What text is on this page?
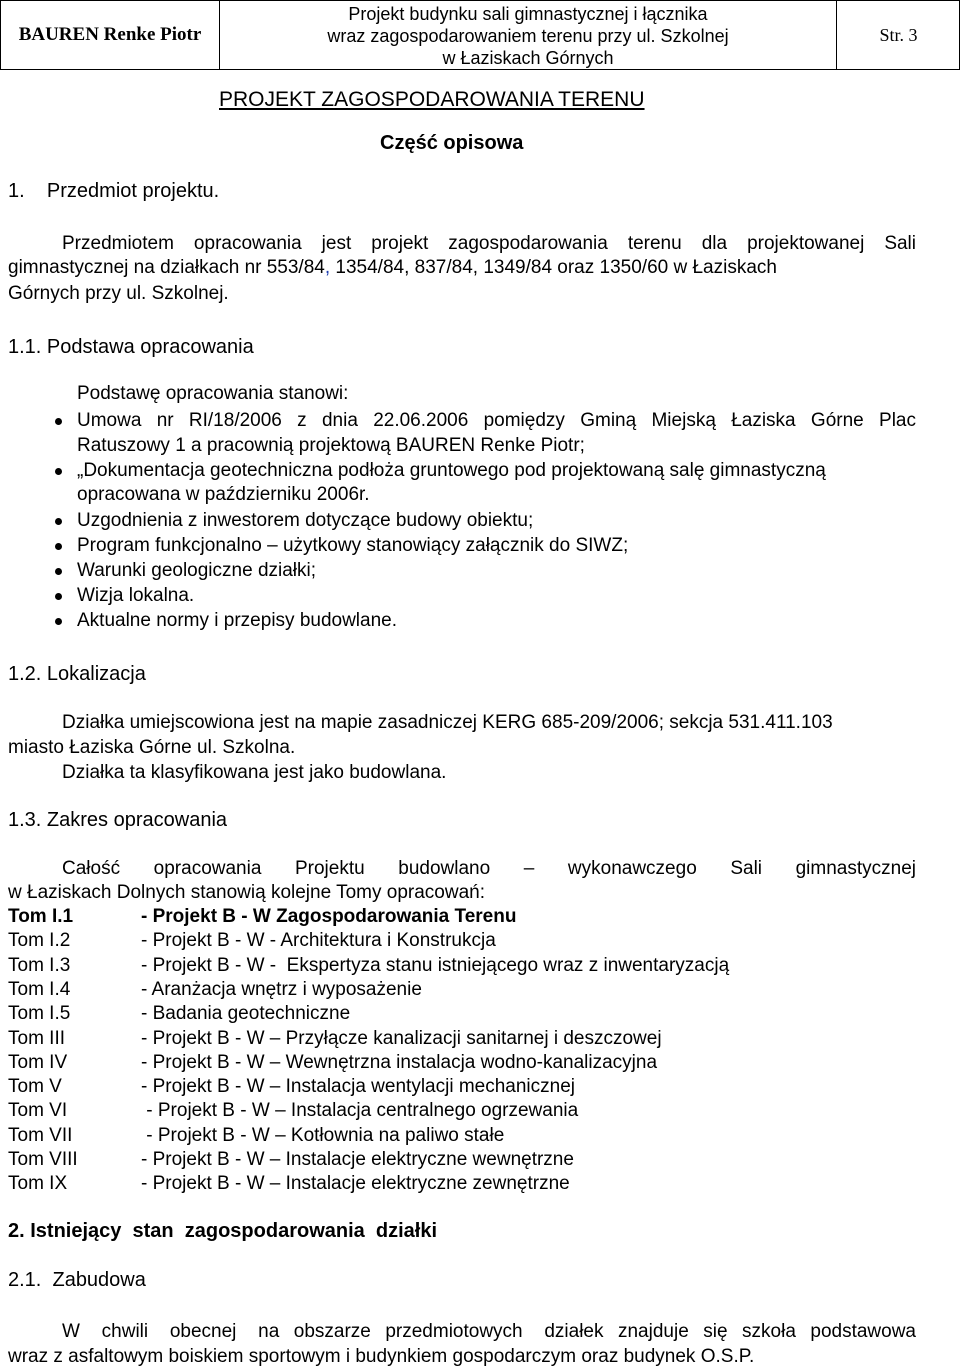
BAUREN Renke Piotr
Projekt budynku sali gimnastycznej i łącznika
wraz zagospodarowaniem terenu przy ul. Szkolnej
w Łaziskach Górnych
Str. 3
PROJEKT ZAGOSPODAROWANIA TERENU
Część opisowa
1.    Przedmiot projektu.
Przedmiotem opracowania jest projekt zagospodarowania terenu dla projektowanej Sali
gimnastycznej na działkach nr 553/84, 1354/84, 837/84, 1349/84 oraz 1350/60 w Łaziskach
Górnych przy ul. Szkolnej.
1.1. Podstawa opracowania
Podstawę opracowania stanowi:
Umowa nr RI/18/2006 z dnia 22.06.2006 pomiędzy Gminą Miejską Łaziska Górne Plac
Ratuszowy 1 a pracownią projektową BAUREN Renke Piotr;
„Dokumentacja geotechniczna podłoża gruntowego pod projektowaną salę gimnastyczną
opracowana w październiku 2006r.
Uzgodnienia z inwestorem dotyczące budowy obiektu;
Program funkcjonalno – użytkowy stanowiący załącznik do SIWZ;
Warunki geologiczne działki;
Wizja lokalna.
Aktualne normy i przepisy budowlane.
1.2. Lokalizacja
Działka umiejscowiona jest na mapie zasadniczej KERG 685-209/2006; sekcja 531.411.103
miasto Łaziska Górne ul. Szkolna.
Działka ta klasyfikowana jest jako budowlana.
1.3. Zakres opracowania
Całość   opracowania   Projektu   budowlano   –   wykonawczego   Sali   gimnastycznej
w Łaziskach Dolnych stanowią kolejne Tomy opracowań:
Tom I.1	- Projekt B - W Zagospodarowania Terenu
Tom I.2	- Projekt B - W - Architektura i Konstrukcja
Tom I.3	- Projekt B - W -  Ekspertyza stanu istniejącego wraz z inwentaryzacją
Tom I.4	- Aranżacja wnętrz i wyposażenie
Tom I.5	- Badania geotechniczne
Tom III	- Projekt B - W – Przyłącze kanalizacji sanitarnej i deszczowej
Tom IV	- Projekt B - W – Wewnętrzna instalacja wodno-kanalizacyjna
Tom V	- Projekt B - W – Instalacja wentylacji mechanicznej
Tom VI	- Projekt B - W – Instalacja centralnego ogrzewania
Tom VII	- Projekt B - W – Kotłownia na paliwo stałe
Tom VIII	- Projekt B - W – Instalacje elektryczne wewnętrzne
Tom IX	- Projekt B - W – Instalacje elektryczne zewnętrzne
2. Istniejący  stan  zagospodarowania  działki
2.1.  Zabudowa
W   chwili   obecnej   na  obszarze  przedmiotowych   działek  znajduje  się  szkoła  podstawowa
wraz z asfaltowym boiskiem sportowym i budynkiem gospodarczym oraz budynek O.S.P.
